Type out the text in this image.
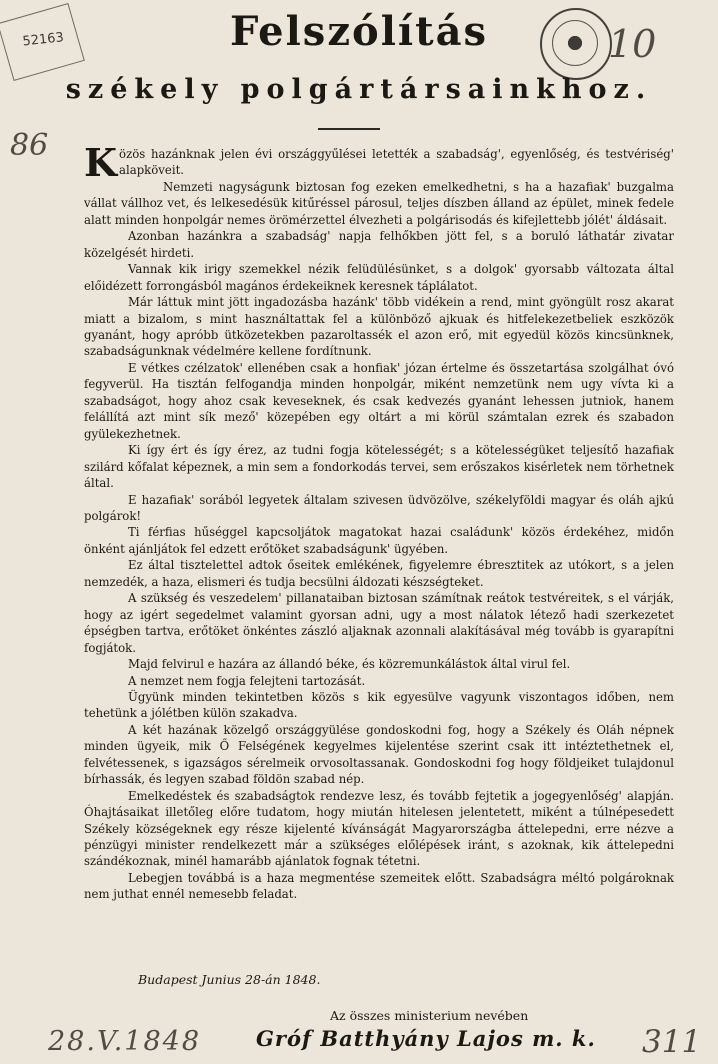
52163	10
86
Felszólítás
székely polgártársainkhoz.

Közös hazánknak jelen évi országgyűlései letették a szabadság', egyenlőség, és testvériség' alapköveit.

Nemzeti nagyságunk biztosan fog ezeken emelkedhetni, s ha a hazafiak' buzgalma vállat vállhoz vet, és lelkesedésük kitűréssel párosul, teljes díszben álland az épület, minek fedele alatt minden honpolgár nemes örömérzettel élvezheti a polgárisodás és kifejlettebb jólét' áldásait.

Azonban hazánkra a szabadság' napja felhőkben jött fel, s a boruló láthatár zivatar közelgését hirdeti.

Vannak kik irigy szemekkel nézik felüdülésünket, s a dolgok' gyorsabb változata által előidézett forrongásból magános érdekeiknek keresnek táplálatot.

Már láttuk mint jött ingadozásba hazánk' több vidékein a rend, mint gyöngült rosz akarat miatt a bizalom, s mint használtattak fel a különböző ajkuak és hitfelekezetbeliek eszközök gyanánt, hogy apróbb ütközetekben pazaroltassék el azon erő, mit egyedül közös kincsünknek, szabadságunknak védelmére kellene fordítnunk.

E vétkes czélzatok' ellenében csak a honfiak' józan értelme és összetartása szolgálhat óvó fegyverül. Ha tisztán felfogandja minden honpolgár, miként nemzetünk nem ugy vívta ki a szabadságot, hogy ahoz csak keveseknek, és csak kedvezés gyanánt lehessen jutniok, hanem felállítá azt mint sík mező' közepében egy oltárt a mi körül számtalan ezrek és szabadon gyülekezhetnek.

Ki így ért és így érez, az tudni fogja kötelességét; s a kötelességüket teljesítő hazafiak szilárd kőfalat képeznek, a min sem a fondorkodás tervei, sem erőszakos kisérletek nem törhetnek által.

E hazafiak' sorából legyetek általam szivesen üdvözölve, székelyföldi magyar és oláh ajkú polgárok!

Ti férfias hűséggel kapcsoljátok magatokat hazai családunk' közös érdekéhez, midőn önként ajánljátok fel edzett erőtöket szabadságunk' ügyében.

Ez által tisztelettel adtok őseitek emlékének, figyelemre ébresztitek az utókort, s a jelen nemzedék, a haza, elismeri és tudja becsülni áldozati készségteket.

A szükség és veszedelem' pillanataiban biztosan számítnak reátok testvéreitek, s el várják, hogy az igért segedelmet valamint gyorsan adni, ugy a most nálatok létező hadi szerkezetet épségben tartva, erőtöket önkéntes zászló aljaknak azonnali alakításával még tovább is gyarapítni fogjátok.

Majd felvirul e hazára az állandó béke, és közremunkálástok által virul fel.

A nemzet nem fogja felejteni tartozását.

Ügyünk minden tekintetben közös s kik egyesülve vagyunk viszontagos időben, nem tehetünk a jólétben külön szakadva.

A két hazának közelgő országgyülése gondoskodni fog, hogy a Székely és Oláh népnek minden ügyeik, mik Ő Felségének kegyelmes kijelentése szerint csak itt intéztethetnek el, felvétessenek, s igazságos sérelmeik orvosoltassanak. Gondoskodni fog hogy földjeiket tulajdonul bírhassák, és legyen szabad földön szabad nép.

Emelkedéstek és szabadságtok rendezve lesz, és tovább fejtetik a jogegyenlőség' alapján. Óhajtásaikat illetőleg előre tudatom, hogy miután hitelesen jelentetett, miként a túlnépesedett Székely községeknek egy része kijelenté kívánságát Magyarországba áttelepedni, erre nézve a pénzügyi minister rendelkezett már a szükséges előlépések iránt, s azoknak, kik áttelepedni szándékoznak, minél hamarább ajánlatok fognak tétetni.

Lebegjen továbbá is a haza megmentése szemeitek előtt. Szabadságra méltó polgároknak nem juthat ennél nemesebb feladat.

Budapest Junius 28-án 1848.

Az összes ministerium nevében

Gróf Batthyány Lajos m. k.

28.V.1848	311
